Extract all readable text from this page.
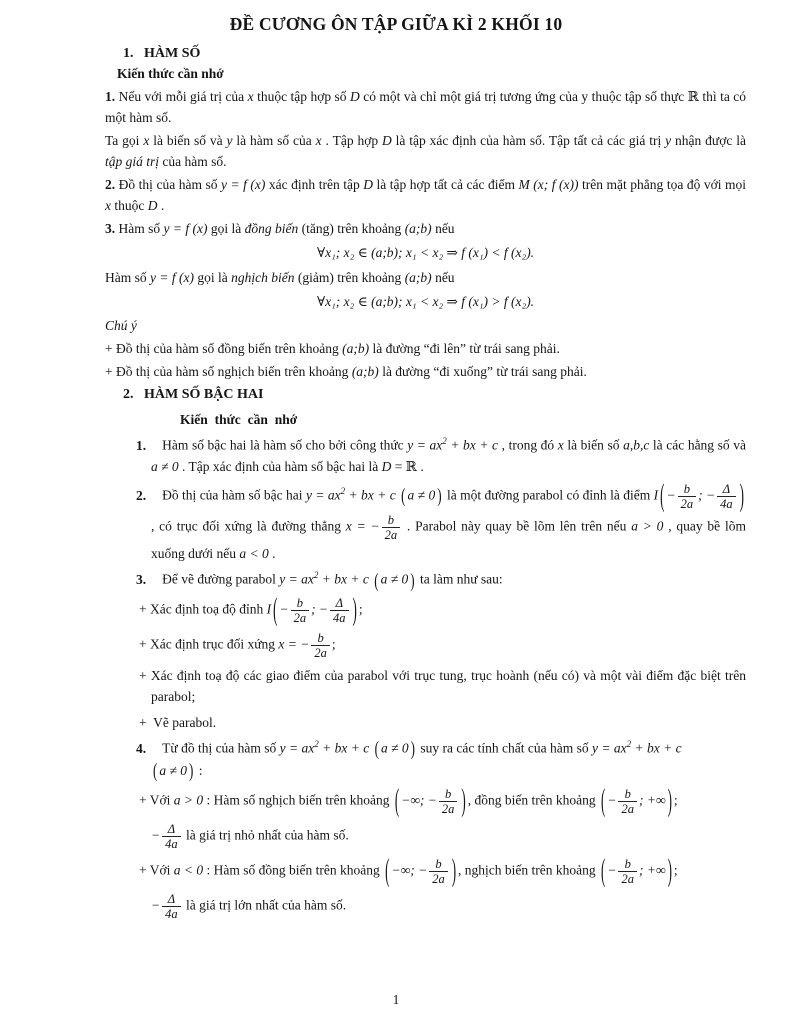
ĐỀ CƯƠNG ÔN TẬP GIỮA KÌ 2 KHỐI 10
1.   HÀM SỐ
Kiến thức cần nhớ
1. Nếu với mỗi giá trị của x thuộc tập hợp số D có một và chỉ một giá trị tương ứng của y thuộc tập số thực ℝ thì ta có một hàm số.
Ta gọi x là biến số và y là hàm số của x . Tập hợp D là tập xác định của hàm số. Tập tất cả các giá trị y nhận được là tập giá trị của hàm số.
2. Đồ thị của hàm số y = f (x) xác định trên tập D là tập hợp tất cả các điểm M (x; f (x)) trên mặt phẳng tọa độ với mọi x thuộc D .
3. Hàm số y = f (x) gọi là đồng biến (tăng) trên khoảng (a;b) nếu
∀x₁; x₂ ∈ (a;b); x₁ < x₂ ⇒ f (x₁) < f (x₂).
Hàm số y = f (x) gọi là nghịch biến (giảm) trên khoảng (a;b) nếu
∀x₁; x₂ ∈ (a;b); x₁ < x₂ ⇒ f (x₁) > f (x₂).
Chú ý
+ Đồ thị của hàm số đồng biến trên khoảng (a;b) là đường “đi lên” từ trái sang phải.
+ Đồ thị của hàm số nghịch biến trên khoảng (a;b) là đường “đi xuống” từ trái sang phải.
2.   HÀM SỐ BẬC HAI
Kiến thức cần nhớ
1. Hàm số bậc hai là hàm số cho bởi công thức $y = ax^2$ + bx + c , trong đó x là biến số a,b,c là các hằng số và a ≠ 0 . Tập xác định của hàm số bậc hai là D = ℝ .
2. Đồ thị của hàm số bậc hai $y = ax^2$ + bx + c ( a ≠ 0 ) là một đường parabol có đỉnh là điểm I ( − $\frac{b}{2a}$ ; − $\frac{\Delta}{4a}$ ), có trục đối xứng là đường thẳng x = − $\frac{b}{2a}$ . Parabol này quay bề lõm lên trên nếu a > 0 , quay bề lõm xuống dưới nếu a < 0 .
3. Để vẽ đường parabol $y = ax^2$ + bx + c ( a ≠ 0 ) ta làm như sau:
+ Xác định toạ độ đỉnh I ( − $\frac{b}{2a}$ ; − $\frac{\Delta}{4a}$ ) ;
+ Xác định trục đối xứng x = − $\frac{b}{2a}$ ;
+ Xác định toạ độ các giao điểm của parabol với trục tung, trục hoành (nếu có) và một vài điểm đặc biệt trên parabol;
+  Vẽ parabol.
4. Từ đồ thị của hàm số $y = ax^2$ + bx + c ( a ≠ 0 ) suy ra các tính chất của hàm số $y = ax^2$ + bx + c
( a ≠ 0 ) :
+ Với a > 0 : Hàm số nghịch biến trên khoảng ( −∞; − $\frac{b}{2a}$ ) , đồng biến trên khoảng ( − $\frac{b}{2a}$ ; +∞ ) ;
− $\frac{\Delta}{4a}$ là giá trị nhỏ nhất của hàm số.
+ Với a < 0 : Hàm số đồng biến trên khoảng ( −∞; − $\frac{b}{2a}$ ) , nghịch biến trên khoảng ( − $\frac{b}{2a}$ ; +∞ ) ;
− $\frac{\Delta}{4a}$ là giá trị lớn nhất của hàm số.
1
